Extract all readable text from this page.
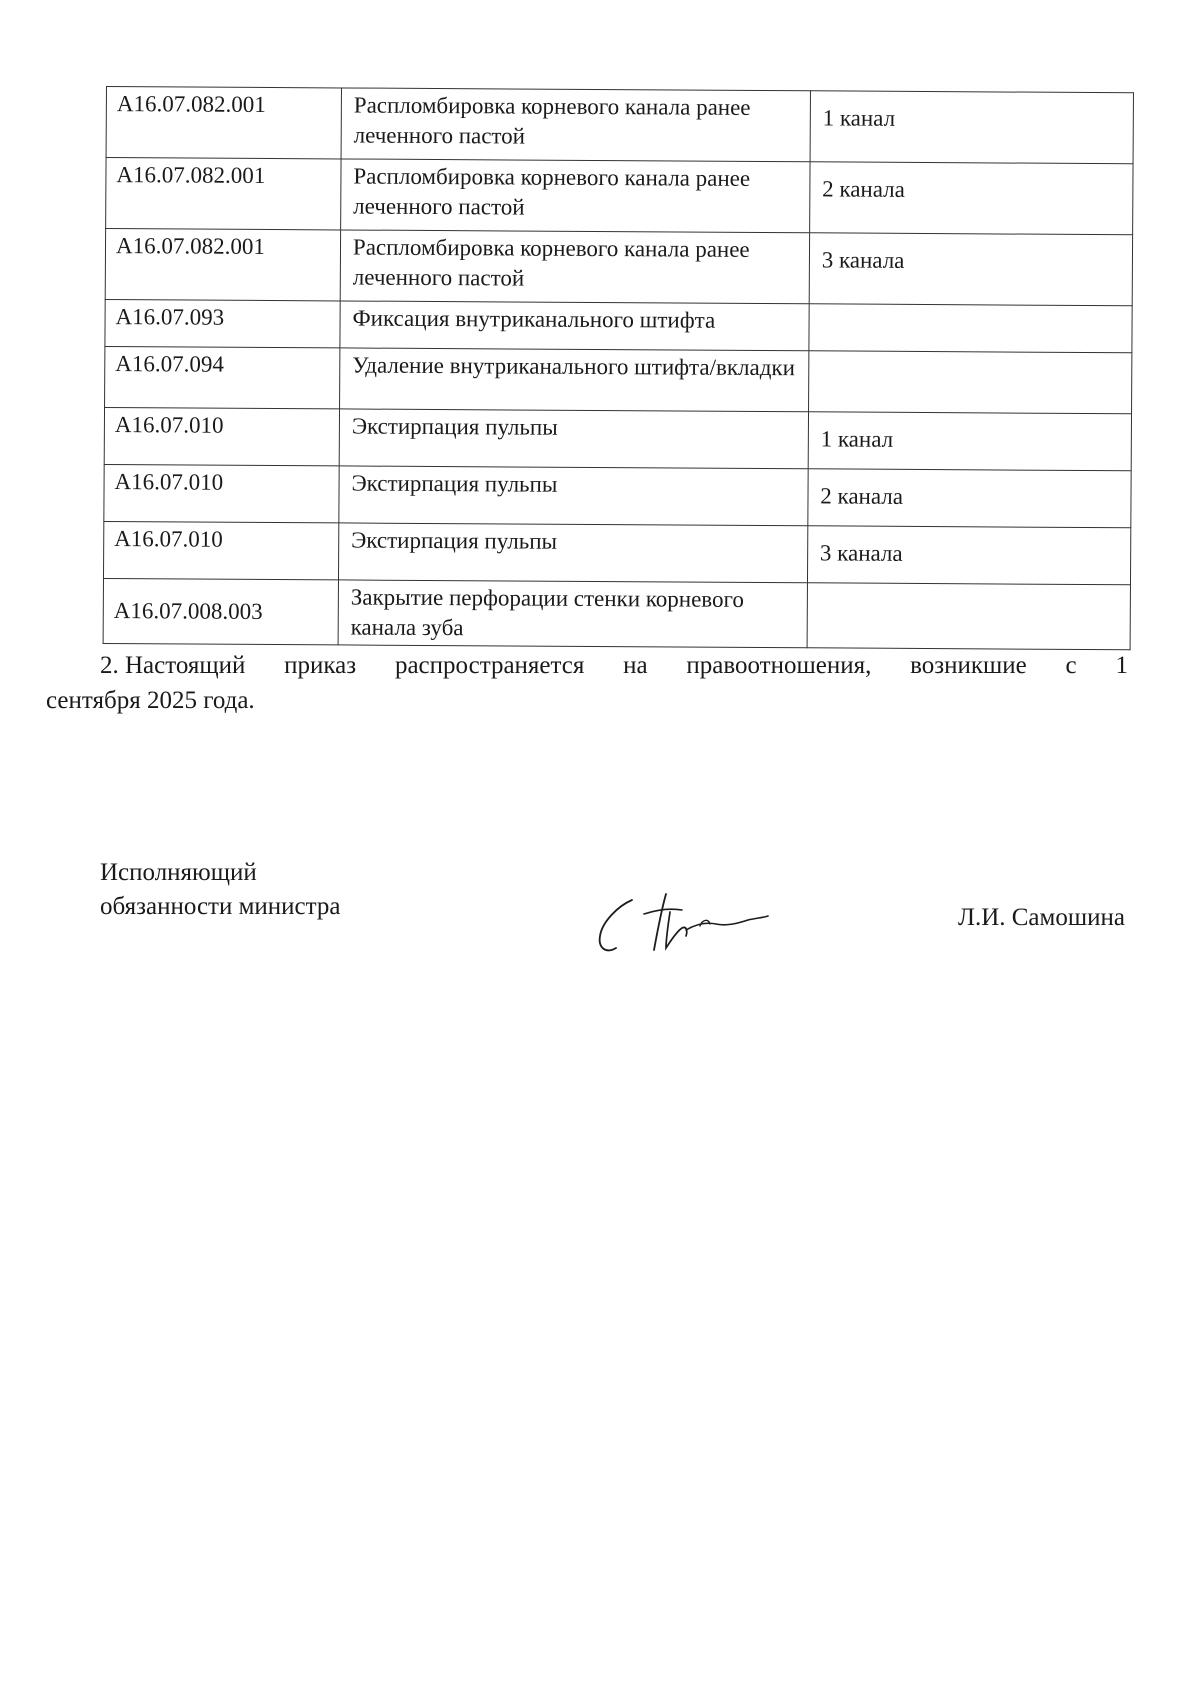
A16.07.082.001	Распломбировка корневого канала ранее леченного пастой	1 канал
A16.07.082.001	Распломбировка корневого канала ранее леченного пастой	2 канала
A16.07.082.001	Распломбировка корневого канала ранее леченного пастой	3 канала
A16.07.093	Фиксация внутриканального штифта	
A16.07.094	Удаление внутриканального штифта/вкладки	
A16.07.010	Экстирпация пульпы	1 канал
A16.07.010	Экстирпация пульпы	2 канала
A16.07.010	Экстирпация пульпы	3 канала
A16.07.008.003	Закрытие перфорации стенки корневого канала зуба	
2. Настоящий приказ распространяется на правоотношения, возникшие с 1
сентября 2025 года.
Исполняющий
обязанности министра	Л.И. Самошина
